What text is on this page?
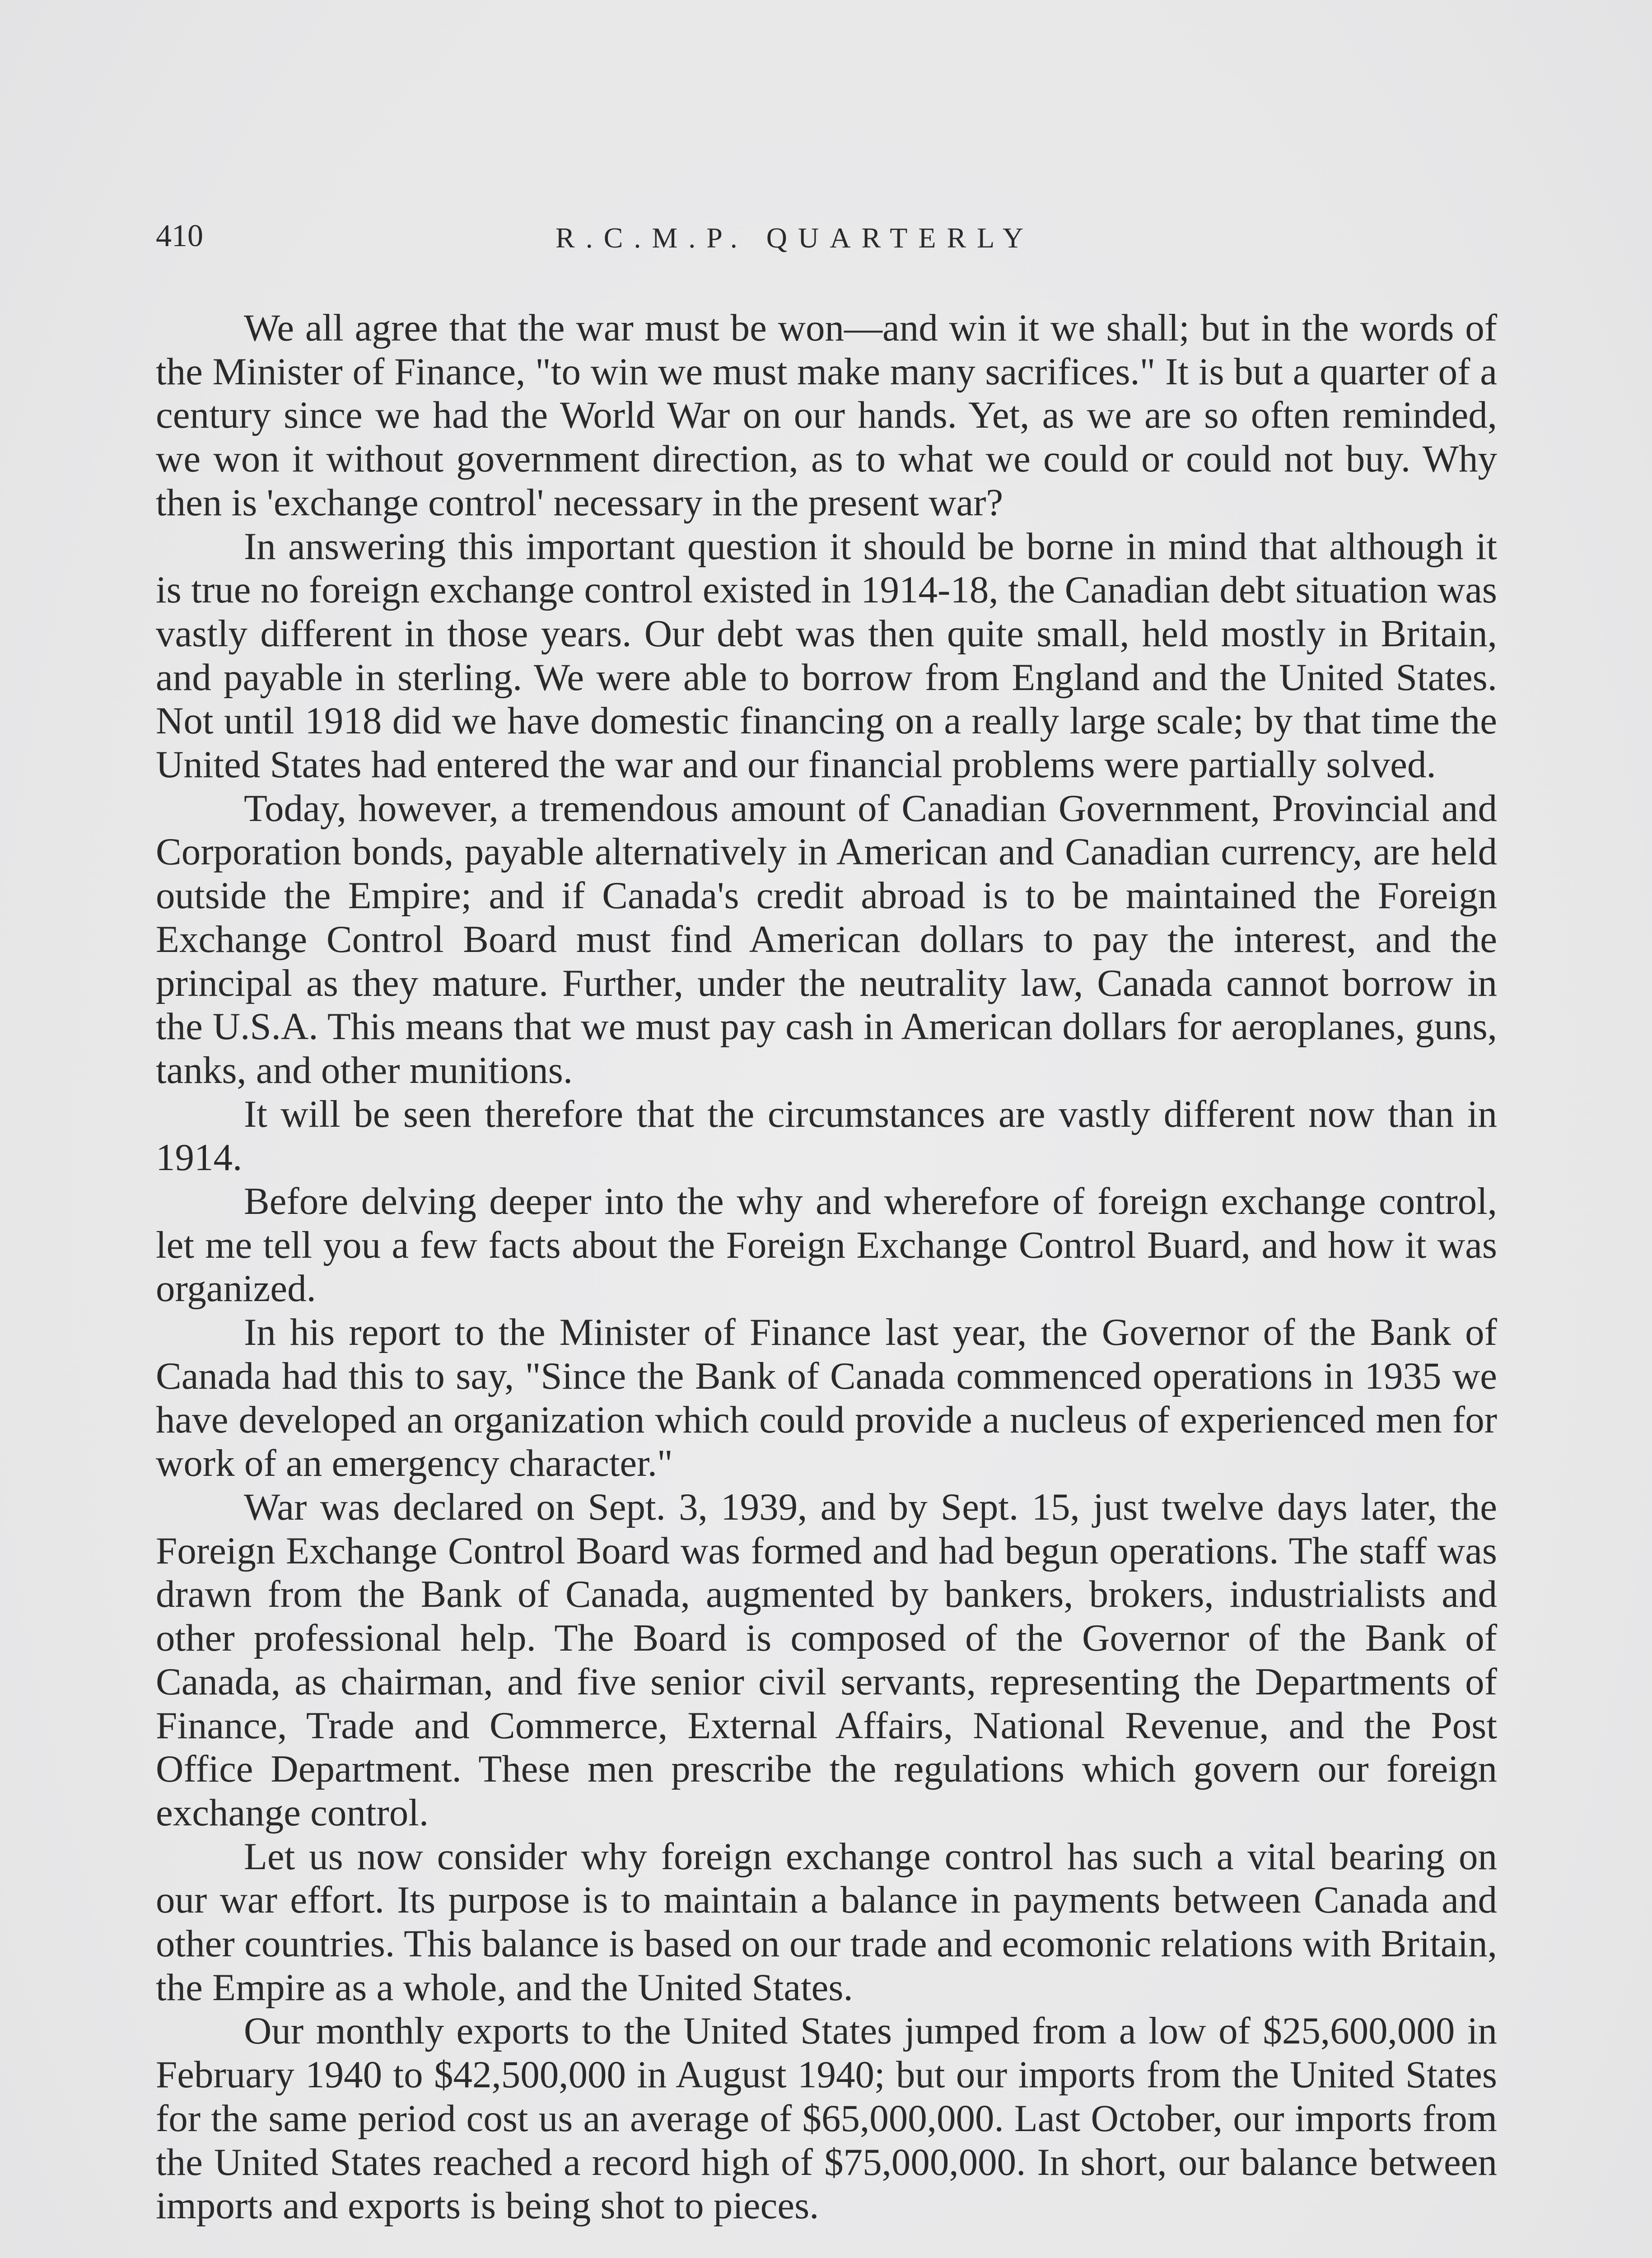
410	R.C.M.P. QUARTERLY

We all agree that the war must be won—and win it we shall; but in the words of the Minister of Finance, "to win we must make many sacrifices." It is but a quarter of a century since we had the World War on our hands. Yet, as we are so often reminded, we won it without government direction, as to what we could or could not buy. Why then is 'exchange control' necessary in the present war?

In answering this important question it should be borne in mind that although it is true no foreign exchange control existed in 1914-18, the Canadian debt situation was vastly different in those years. Our debt was then quite small, held mostly in Britain, and payable in sterling. We were able to borrow from England and the United States. Not until 1918 did we have domestic financing on a really large scale; by that time the United States had entered the war and our financial problems were partially solved.

Today, however, a tremendous amount of Canadian Government, Provincial and Corporation bonds, payable alternatively in American and Canadian currency, are held outside the Empire; and if Canada's credit abroad is to be maintained the Foreign Exchange Control Board must find American dollars to pay the interest, and the principal as they mature. Further, under the neutrality law, Canada cannot borrow in the U.S.A. This means that we must pay cash in American dollars for aeroplanes, guns, tanks, and other munitions.

It will be seen therefore that the circumstances are vastly different now than in 1914.

Before delving deeper into the why and wherefore of foreign exchange control, let me tell you a few facts about the Foreign Exchange Control Buard, and how it was organized.

In his report to the Minister of Finance last year, the Governor of the Bank of Canada had this to say, "Since the Bank of Canada commenced operations in 1935 we have developed an organization which could provide a nucleus of experienced men for work of an emergency character."

War was declared on Sept. 3, 1939, and by Sept. 15, just twelve days later, the Foreign Exchange Control Board was formed and had begun operations. The staff was drawn from the Bank of Canada, augmented by bankers, brokers, industrialists and other professional help. The Board is composed of the Governor of the Bank of Canada, as chairman, and five senior civil servants, representing the Departments of Finance, Trade and Commerce, External Affairs, National Revenue, and the Post Office Department. These men prescribe the regulations which govern our foreign exchange control.

Let us now consider why foreign exchange control has such a vital bearing on our war effort. Its purpose is to maintain a balance in payments between Canada and other countries. This balance is based on our trade and ecomonic relations with Britain, the Empire as a whole, and the United States.

Our monthly exports to the United States jumped from a low of $25,600,000 in February 1940 to $42,500,000 in August 1940; but our imports from the United States for the same period cost us an average of $65,000,000. Last October, our imports from the United States reached a record high of $75,000,000. In short, our balance between imports and exports is being shot to pieces.
